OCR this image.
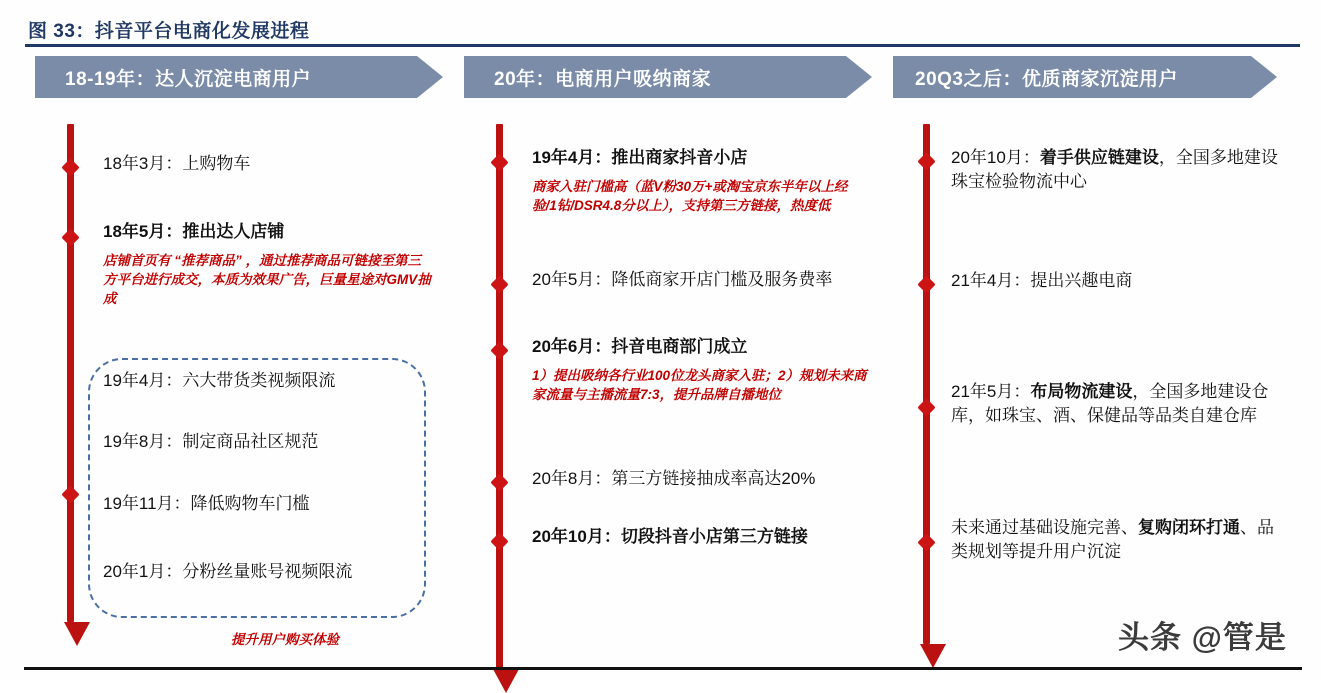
图 33：抖音平台电商化发展进程
18-19年：达人沉淀电商用户
18年3月：上购物车
18年5月：推出达人店铺
店铺首页有 “推荐商品” ，通过推荐商品可链接至第三方平台进行成交，本质为效果广告，巨量星途对GMV抽成
19年4月：六大带货类视频限流
19年8月：制定商品社区规范
19年11月：降低购物车门槛
20年1月：分粉丝量账号视频限流
提升用户购买体验
20年：电商用户吸纳商家
19年4月：推出商家抖音小店
商家入驻门槛高（蓝V粉30万+或淘宝京东半年以上经验/1钻/DSR4.8分以上），支持第三方链接，热度低
20年5月：降低商家开店门槛及服务费率
20年6月：抖音电商部门成立
1）提出吸纳各行业100位龙头商家入驻；2）规划未来商家流量与主播流量7:3，提升品牌自播地位
20年8月：第三方链接抽成率高达20%
20年10月：切段抖音小店第三方链接
20Q3之后：优质商家沉淀用户
20年10月：着手供应链建设，全国多地建设珠宝检验物流中心
21年4月：提出兴趣电商
21年5月：布局物流建设，全国多地建设仓库，如珠宝、酒、保健品等品类自建仓库
未来通过基础设施完善、复购闭环打通、品类规划等提升用户沉淀
头条 @管是
